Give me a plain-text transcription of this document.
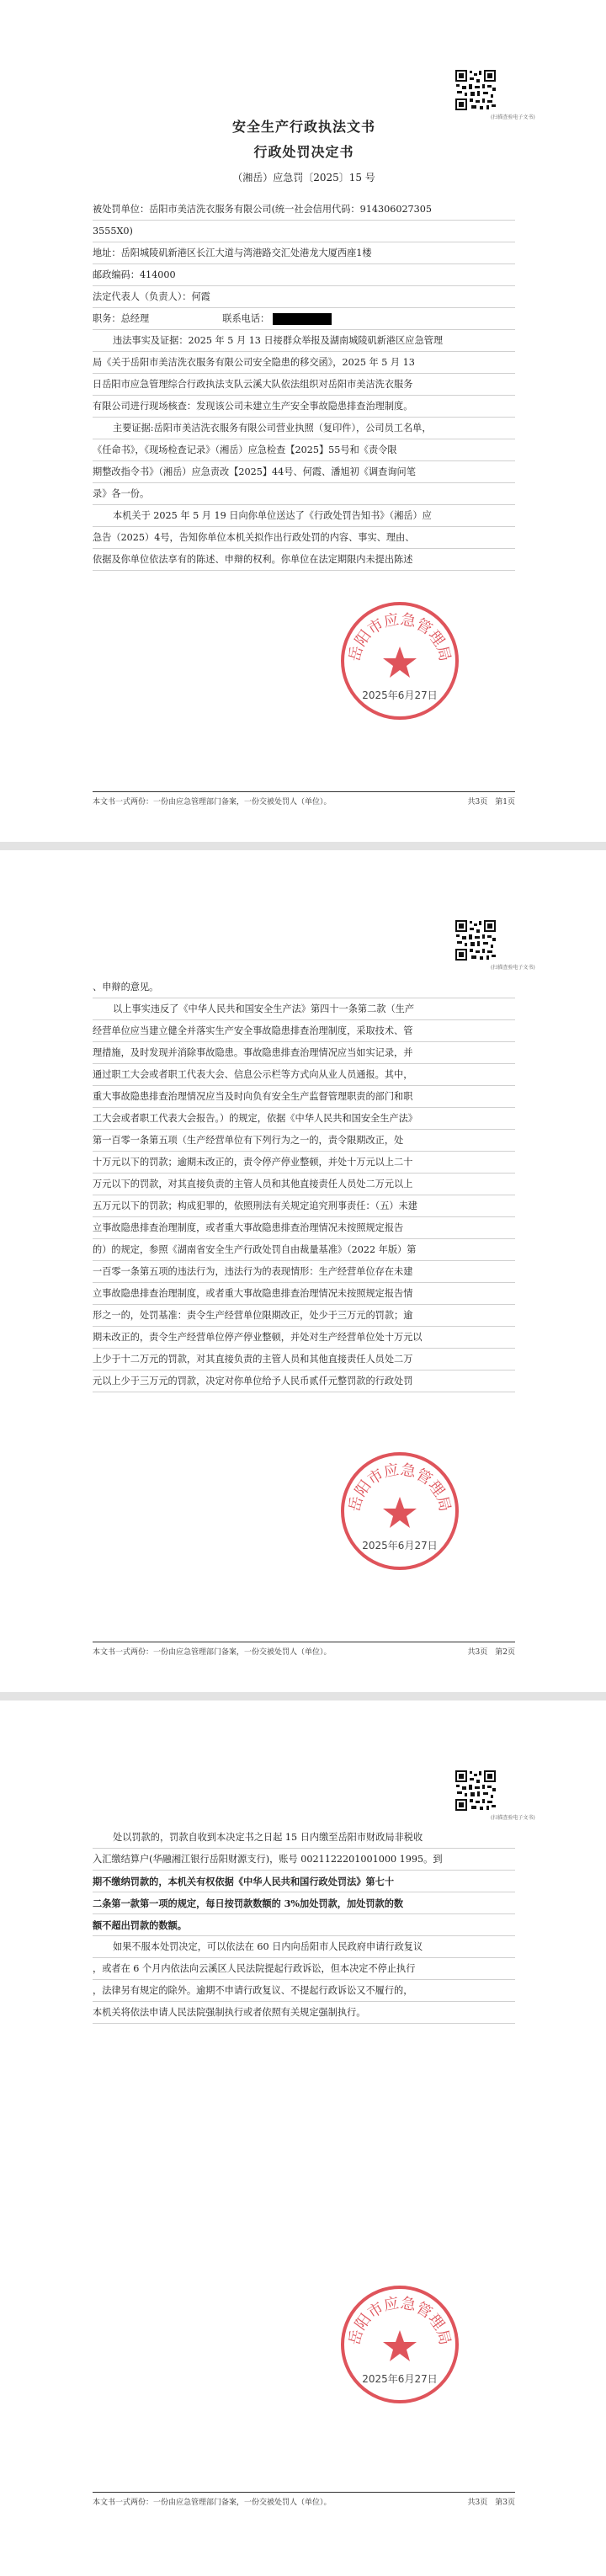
(扫描查验电子文书)
安全生产行政执法文书
行政处罚决定书
（湘岳）应急罚〔2025〕15 号
被处罚单位：岳阳市美洁洗衣服务有限公司(统一社会信用代码：914306027305
3555X0)
地址：岳阳城陵矶新港区长江大道与湾港路交汇处港龙大厦西座1楼
邮政编码：414000
法定代表人（负责人）：何霞
职务：总经理	联系电话：
违法事实及证据：2025 年 5 月 13 日接群众举报及湖南城陵矶新港区应急管理
局《关于岳阳市美洁洗衣服务有限公司安全隐患的移交函》，2025 年 5 月 13
日岳阳市应急管理综合行政执法支队云溪大队依法组织对岳阳市美洁洗衣服务
有限公司进行现场核查：发现该公司未建立生产安全事故隐患排查治理制度。
主要证据:岳阳市美洁洗衣服务有限公司营业执照（复印件），公司员工名单，
《任命书》，《现场检查记录》（湘岳）应急检查【2025】55号和《责令限
期整改指令书》（湘岳）应急责改【2025】44号、何霞、潘旭初《调查询问笔
录》各一份。
本机关于 2025 年 5 月 19 日向你单位送达了《行政处罚告知书》（湘岳）应
急告（2025）4号，告知你单位本机关拟作出行政处罚的内容、事实、理由、
依据及你单位依法享有的陈述、申辩的权利。你单位在法定期限内未提出陈述
岳阳市应急管理局
2025年6月27日
本文书一式两份：一份由应急管理部门备案，一份交被处罚人（单位）。	共3页　第1页
(扫描查验电子文书)
、申辩的意见。
以上事实违反了《中华人民共和国安全生产法》第四十一条第二款（生产
经营单位应当建立健全并落实生产安全事故隐患排查治理制度，采取技术、管
理措施，及时发现并消除事故隐患。事故隐患排查治理情况应当如实记录，并
通过职工大会或者职工代表大会、信息公示栏等方式向从业人员通报。其中，
重大事故隐患排查治理情况应当及时向负有安全生产监督管理职责的部门和职
工大会或者职工代表大会报告。）的规定，依据《中华人民共和国安全生产法》
第一百零一条第五项（生产经营单位有下列行为之一的，责令限期改正，处
十万元以下的罚款；逾期未改正的，责令停产停业整顿，并处十万元以上二十
万元以下的罚款，对其直接负责的主管人员和其他直接责任人员处二万元以上
五万元以下的罚款；构成犯罪的，依照刑法有关规定追究刑事责任：（五）未建
立事故隐患排查治理制度，或者重大事故隐患排查治理情况未按照规定报告
的）的规定，参照《湖南省安全生产行政处罚自由裁量基准》（2022 年版）第
一百零一条第五项的违法行为，违法行为的表现情形：生产经营单位存在未建
立事故隐患排查治理制度，或者重大事故隐患排查治理情况未按照规定报告情
形之一的，处罚基准：责令生产经营单位限期改正，处少于三万元的罚款；逾
期未改正的，责令生产经营单位停产停业整顿，并处对生产经营单位处十万元以
上少于十二万元的罚款，对其直接负责的主管人员和其他直接责任人员处二万
元以上少于三万元的罚款，决定对你单位给予人民币贰仟元整罚款的行政处罚
岳阳市应急管理局
2025年6月27日
本文书一式两份：一份由应急管理部门备案，一份交被处罚人（单位）。	共3页　第2页
(扫描查验电子文书)
处以罚款的，罚款自收到本决定书之日起 15 日内缴至岳阳市财政局非税收
入汇缴结算户(华融湘江银行岳阳财源支行)，账号 0021122201001000 1995。到
期不缴纳罚款的，本机关有权依据《中华人民共和国行政处罚法》第七十
二条第一款第一项的规定，每日按罚款数额的 3%加处罚款，加处罚款的数
额不超出罚款的数额。
如果不服本处罚决定，可以依法在 60 日内向岳阳市人民政府申请行政复议
，或者在 6 个月内依法向云溪区人民法院提起行政诉讼，但本决定不停止执行
，法律另有规定的除外。逾期不申请行政复议、不提起行政诉讼又不履行的，
本机关将依法申请人民法院强制执行或者依照有关规定强制执行。
岳阳市应急管理局
2025年6月27日
本文书一式两份：一份由应急管理部门备案，一份交被处罚人（单位）。	共3页　第3页
